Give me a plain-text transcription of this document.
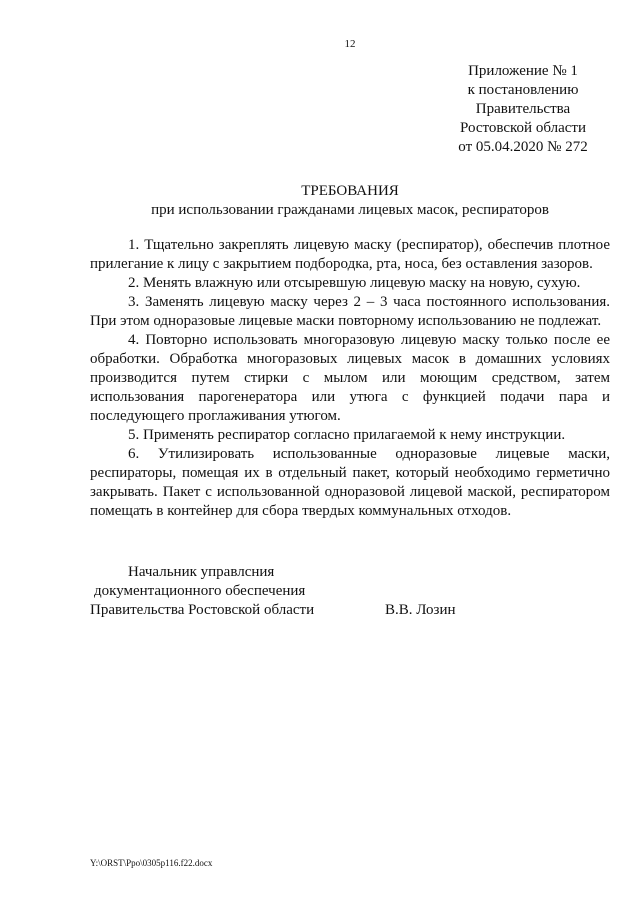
12
Приложение № 1
к постановлению
Правительства
Ростовской области
от 05.04.2020 № 272
ТРЕБОВАНИЯ
при использовании гражданами лицевых масок, респираторов

1. Тщательно закреплять лицевую маску (респиратор), обеспечив плотное прилегание к лицу с закрытием подбородка, рта, носа, без оставления зазоров.

2. Менять влажную или отсыревшую лицевую маску на новую, сухую.

3. Заменять лицевую маску через 2 – 3 часа постоянного использования. При этом одноразовые лицевые маски повторному использованию не подлежат.

4. Повторно использовать многоразовую лицевую маску только после ее обработки. Обработка многоразовых лицевых масок в домашних условиях производится путем стирки с мылом или моющим средством, затем использования парогенератора или утюга с функцией подачи пара и последующего проглаживания утюгом.

5. Применять респиратор согласно прилагаемой к нему инструкции.

6. Утилизировать использованные одноразовые лицевые маски, респираторы, помещая их в отдельный пакет, который необходимо герметично закрывать. Пакет с использованной одноразовой лицевой маской, респиратором помещать в контейнер для сбора твердых коммунальных отходов.

Начальник управлсния
документационного обеспечения
Правительства Ростовской области	В.В. Лозин
Y:\ORST\Ppo\0305p116.f22.docx
